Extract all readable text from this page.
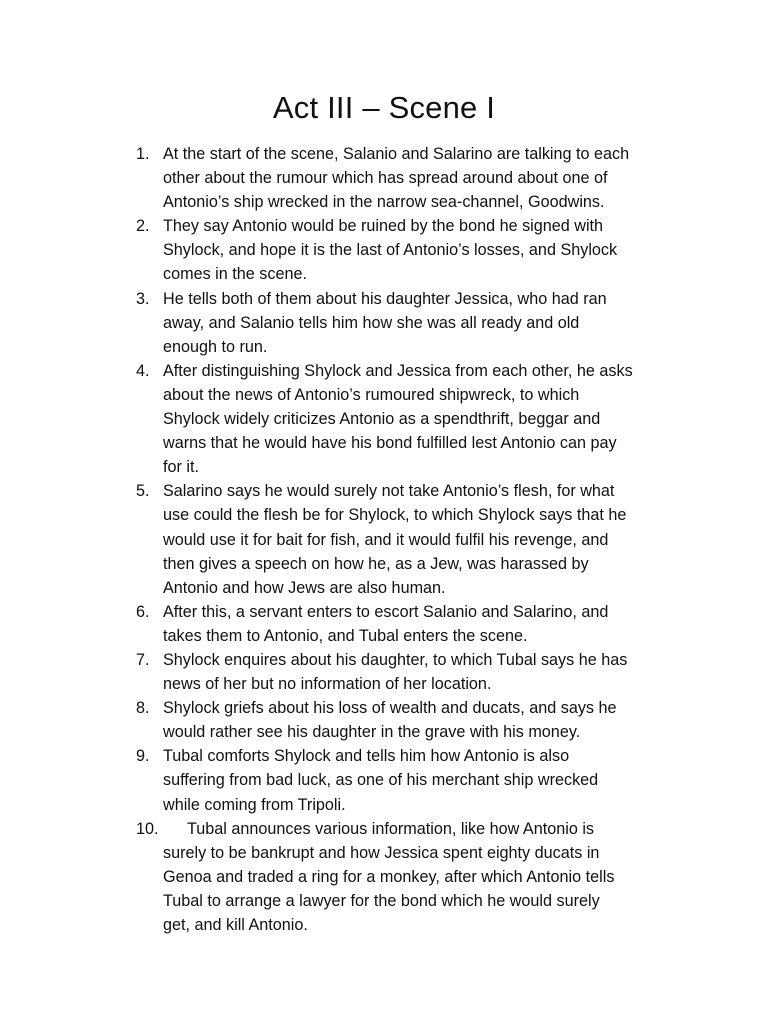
Act III – Scene I
1. At the start of the scene, Salanio and Salarino are talking to each
other about the rumour which has spread around about one of
Antonio’s ship wrecked in the narrow sea-channel, Goodwins.
2. They say Antonio would be ruined by the bond he signed with
Shylock, and hope it is the last of Antonio’s losses, and Shylock
comes in the scene.
3. He tells both of them about his daughter Jessica, who had ran
away, and Salanio tells him how she was all ready and old
enough to run.
4. After distinguishing Shylock and Jessica from each other, he asks
about the news of Antonio’s rumoured shipwreck, to which
Shylock widely criticizes Antonio as a spendthrift, beggar and
warns that he would have his bond fulfilled lest Antonio can pay
for it.
5. Salarino says he would surely not take Antonio’s flesh, for what
use could the flesh be for Shylock, to which Shylock says that he
would use it for bait for fish, and it would fulfil his revenge, and
then gives a speech on how he, as a Jew, was harassed by
Antonio and how Jews are also human.
6. After this, a servant enters to escort Salanio and Salarino, and
takes them to Antonio, and Tubal enters the scene.
7. Shylock enquires about his daughter, to which Tubal says he has
news of her but no information of her location.
8. Shylock griefs about his loss of wealth and ducats, and says he
would rather see his daughter in the grave with his money.
9. Tubal comforts Shylock and tells him how Antonio is also
suffering from bad luck, as one of his merchant ship wrecked
while coming from Tripoli.
10.	Tubal announces various information, like how Antonio is
surely to be bankrupt and how Jessica spent eighty ducats in
Genoa and traded a ring for a monkey, after which Antonio tells
Tubal to arrange a lawyer for the bond which he would surely
get, and kill Antonio.
